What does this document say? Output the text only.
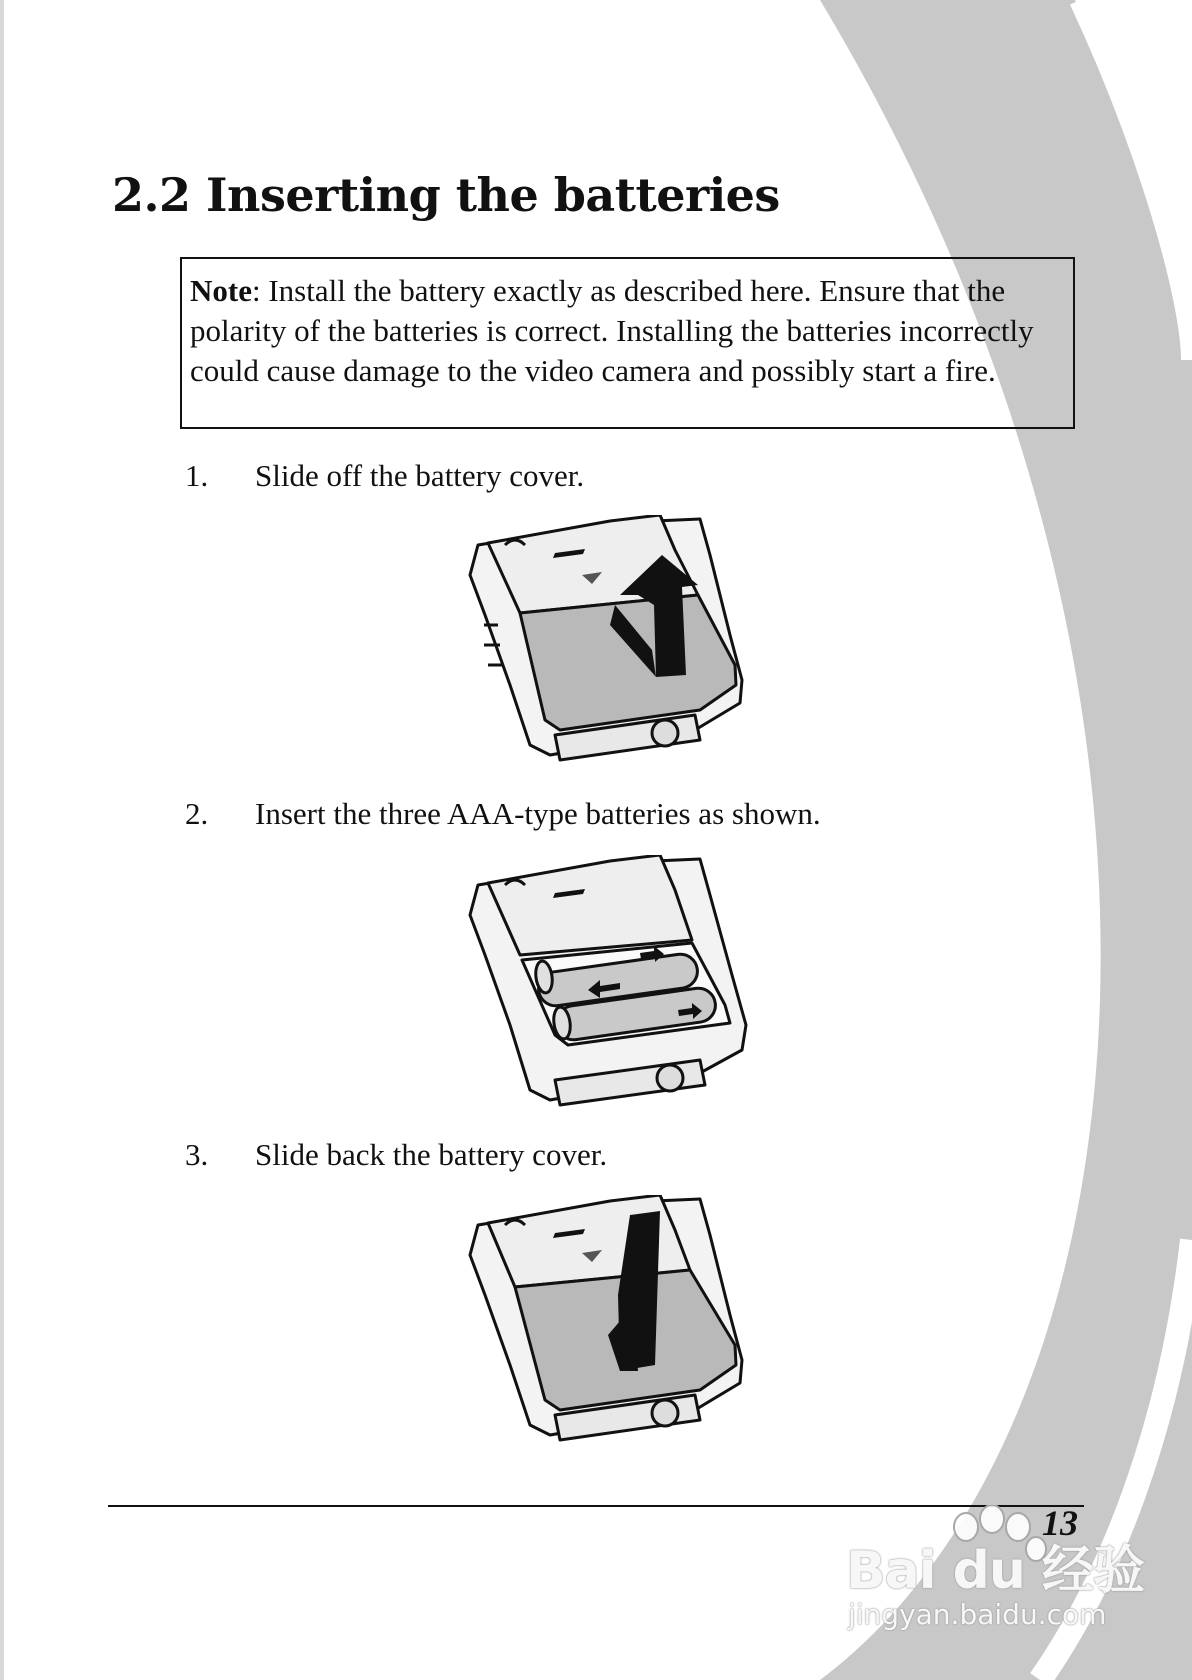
2.2 Inserting the batteries
Note: Install the battery exactly as described here. Ensure that the polarity of the batteries is correct. Installing the batteries incorrectly could cause damage to the video camera and possibly start a fire.
1. Slide off the battery cover.
2. Insert the three AAA-type batteries as shown.
3. Slide back the battery cover.
13
Bai du 经验
jingyan.baidu.com
